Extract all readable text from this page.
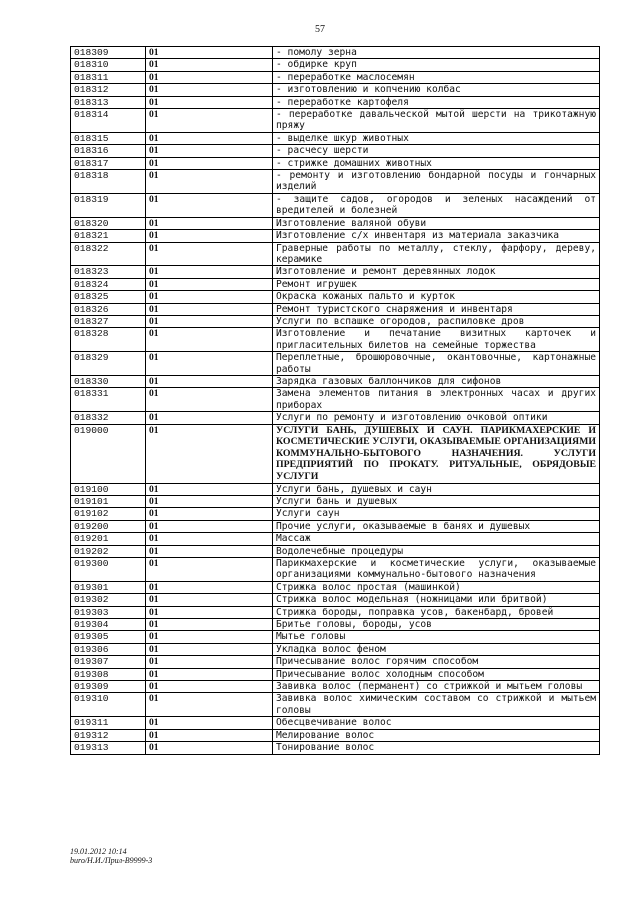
57
018309	01	- помолу зерна
018310	01	- обдирке круп
018311	01	- переработке маслосемян
018312	01	- изготовлению и копчению колбас
018313	01	- переработке картофеля
018314	01	- переработке давальческой мытой шерсти на трикотажную пряжу
018315	01	- выделке шкур животных
018316	01	- расчесу шерсти
018317	01	- стрижке домашних животных
018318	01	- ремонту и изготовлению бондарной посуды и гончарных изделий
018319	01	- защите садов, огородов и зеленых насаждений от вредителей и болезней
018320	01	Изготовление валяной обуви
018321	01	Изготовление с/х инвентаря из материала заказчика
018322	01	Граверные работы по металлу, стеклу, фарфору, дереву, керамике
018323	01	Изготовление и ремонт деревянных лодок
018324	01	Ремонт игрушек
018325	01	Окраска кожаных пальто и курток
018326	01	Ремонт туристского снаряжения и инвентаря
018327	01	Услуги по вспашке огородов, распиловке дров
018328	01	Изготовление и печатание визитных карточек и пригласительных билетов на семейные торжества
018329	01	Переплетные, брошюровочные, окантовочные, картонажные работы
018330	01	Зарядка газовых баллончиков для сифонов
018331	01	Замена элементов питания в электронных часах и других приборах
018332	01	Услуги по ремонту и изготовлению очковой оптики
019000	01	УСЛУГИ БАНЬ, ДУШЕВЫХ И САУН. ПАРИКМАХЕРСКИЕ И КОСМЕТИЧЕСКИЕ УСЛУГИ, ОКАЗЫВАЕМЫЕ ОРГАНИЗАЦИЯМИ КОММУНАЛЬНО-БЫТОВОГО НАЗНАЧЕНИЯ. УСЛУГИ ПРЕДПРИЯТИЙ ПО ПРОКАТУ. РИТУАЛЬНЫЕ, ОБРЯДОВЫЕ УСЛУГИ
019100	01	Услуги бань, душевых и саун
019101	01	Услуги бань и душевых
019102	01	Услуги саун
019200	01	Прочие услуги, оказываемые в банях и душевых
019201	01	Массаж
019202	01	Водолечебные процедуры
019300	01	Парикмахерские и косметические услуги, оказываемые организациями коммунально-бытового назначения
019301	01	Стрижка волос простая (машинкой)
019302	01	Стрижка волос модельная (ножницами или бритвой)
019303	01	Стрижка бороды, поправка усов, бакенбард, бровей
019304	01	Бритье головы, бороды, усов
019305	01	Мытье головы
019306	01	Укладка волос феном
019307	01	Причесывание волос горячим способом
019308	01	Причесывание волос холодным способом
019309	01	Завивка волос (перманент) со стрижкой и мытьем головы
019310	01	Завивка волос химическим составом со стрижкой и мытьем головы
019311	01	Обесцвечивание волос
019312	01	Мелирование волос
019313	01	Тонирование волос
19.01.2012 10:14
buro/Н.И./Прил-В9999-3
